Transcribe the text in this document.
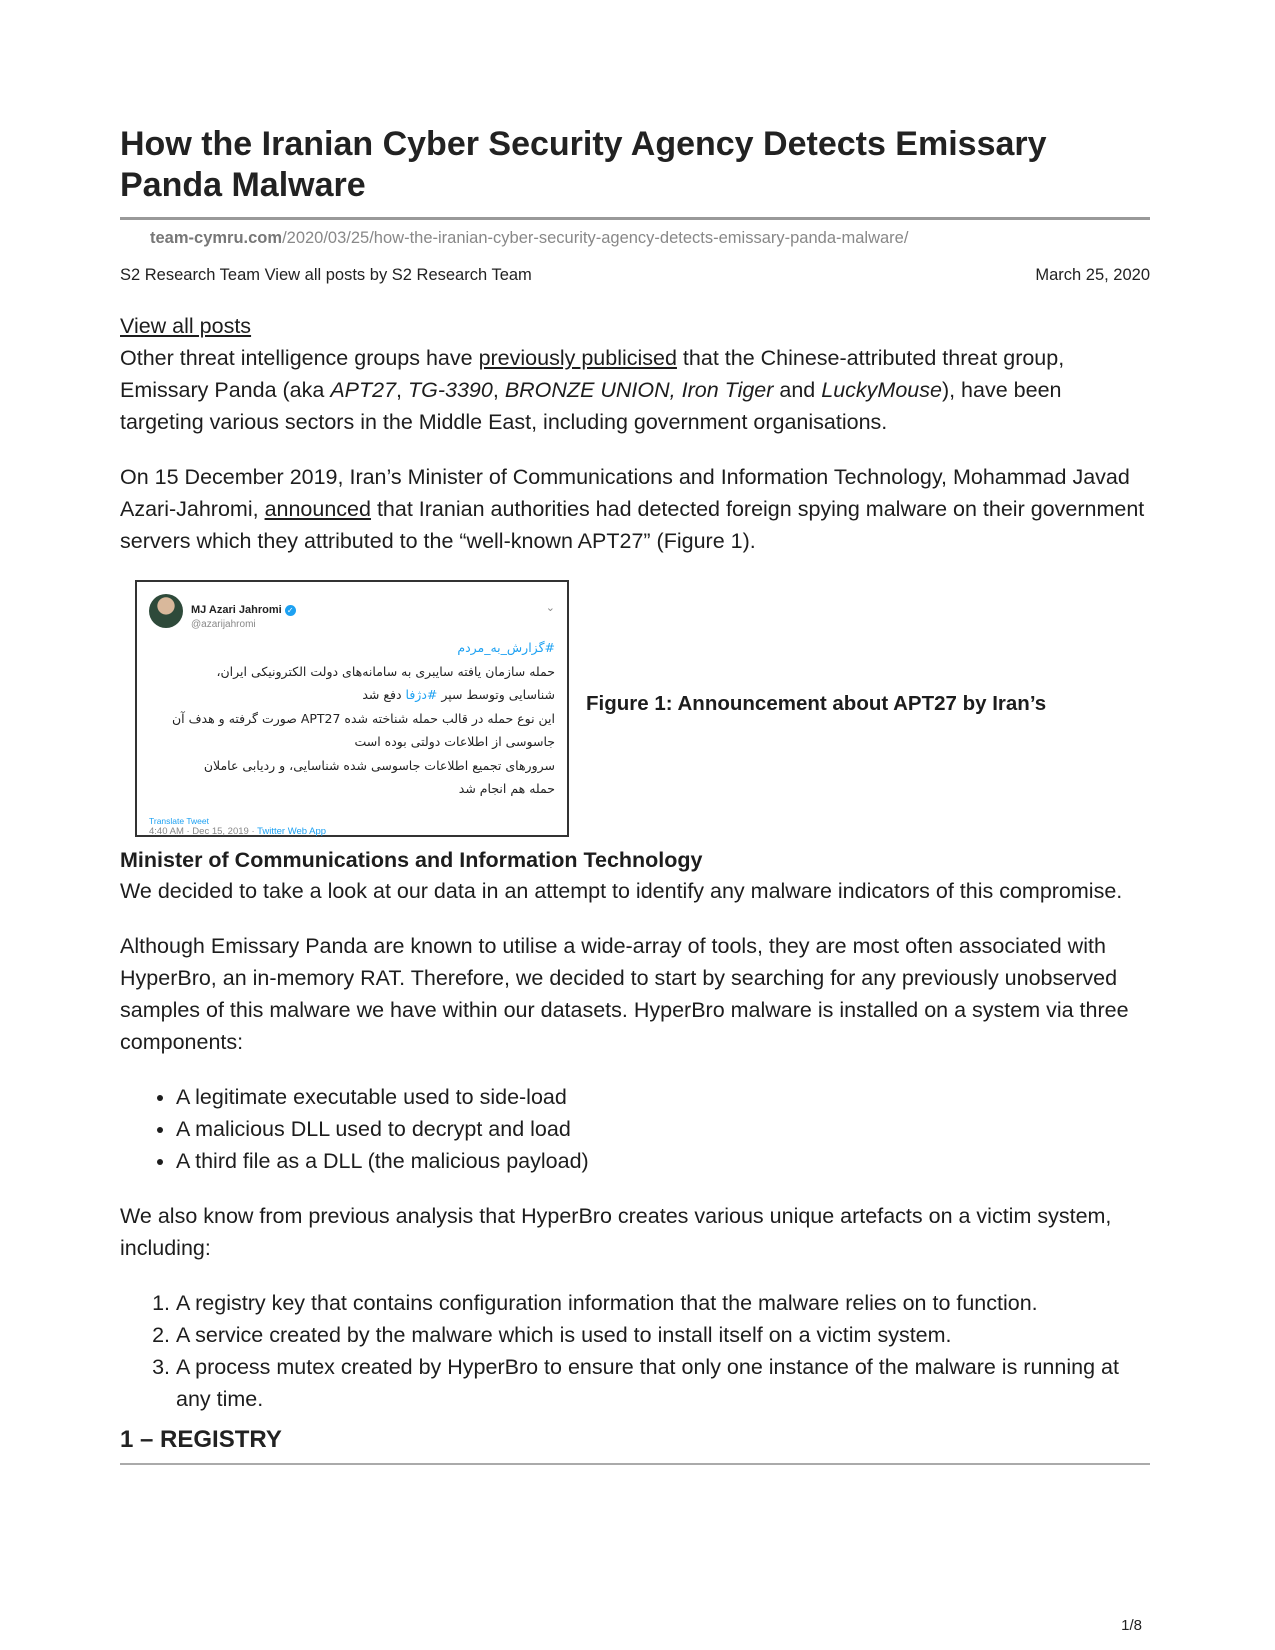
How the Iranian Cyber Security Agency Detects Emissary Panda Malware
team-cymru.com/2020/03/25/how-the-iranian-cyber-security-agency-detects-emissary-panda-malware/
S2 Research Team View all posts by S2 Research Team	March 25, 2020
View all posts

Other threat intelligence groups have previously publicised that the Chinese-attributed threat group, Emissary Panda (aka APT27, TG-3390, BRONZE UNION, Iron Tiger and LuckyMouse), have been targeting various sectors in the Middle East, including government organisations.

On 15 December 2019, Iran’s Minister of Communications and Information Technology, Mohammad Javad Azari-Jahromi, announced that Iranian authorities had detected foreign spying malware on their government servers which they attributed to the “well-known APT27” (Figure 1).

MJ Azari Jahromi ✓
@azarijahromi
⌄
#گزارش_به_مردم
حمله سازمان یافته سایبری به سامانه‌های دولت الکترونیکی ایران،
شناسایی وتوسط سپر #دژفا دفع شد
این نوع حمله در قالب حمله شناخته شده APT27 صورت گرفته و هدف آن
جاسوسی از اطلاعات دولتی بوده است
سرورهای تجمیع اطلاعات جاسوسی شده شناسایی، و ردیابی عاملان
حمله هم انجام شد
Translate Tweet
4:40 AM · Dec 15, 2019 · Twitter Web App
Figure 1: Announcement about APT27 by Iran’s

Minister of Communications and Information Technology

We decided to take a look at our data in an attempt to identify any malware indicators of this compromise.

Although Emissary Panda are known to utilise a wide-array of tools, they are most often associated with HyperBro, an in-memory RAT. Therefore, we decided to start by searching for any previously unobserved samples of this malware we have within our datasets. HyperBro malware is installed on a system via three components:

• A legitimate executable used to side-load
• A malicious DLL used to decrypt and load
• A third file as a DLL (the malicious payload)

We also know from previous analysis that HyperBro creates various unique artefacts on a victim system, including:

1. A registry key that contains configuration information that the malware relies on to function.
2. A service created by the malware which is used to install itself on a victim system.
3. A process mutex created by HyperBro to ensure that only one instance of the malware is running at any time.
1 – REGISTRY
1/8
